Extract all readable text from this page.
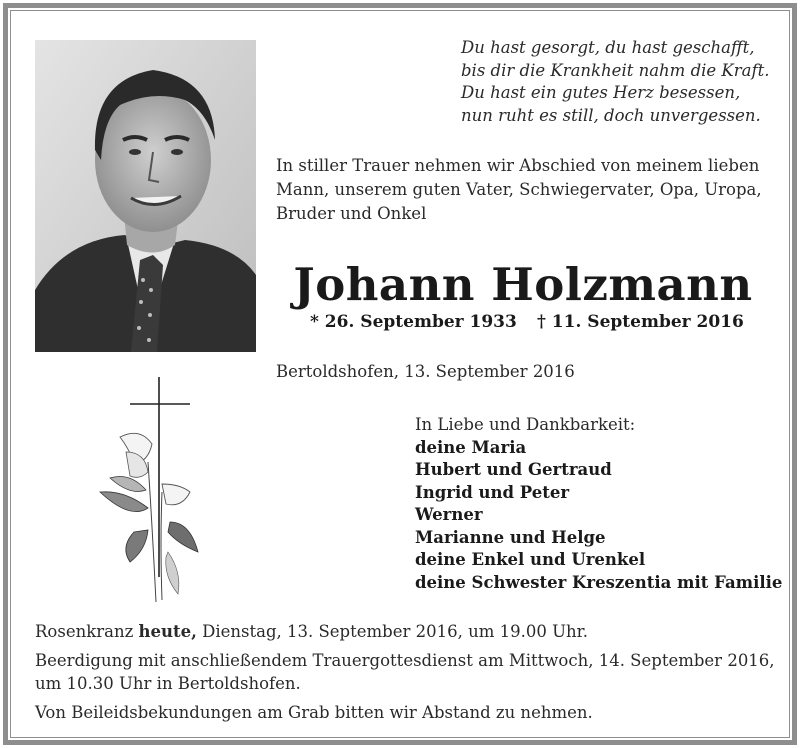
Du hast gesorgt, du hast geschafft,
bis dir die Krankheit nahm die Kraft.
Du hast ein gutes Herz besessen,
nun ruht es still, doch unvergessen.
In stiller Trauer nehmen wir Abschied von meinem lieben
Mann, unserem guten Vater, Schwiegervater, Opa, Uropa,
Bruder und Onkel
Johann Holzmann
* 26. September 1933 † 11. September 2016
Bertoldshofen, 13. September 2016
In Liebe und Dankbarkeit:
deine Maria
Hubert und Gertraud
Ingrid und Peter
Werner
Marianne und Helge
deine Enkel und Urenkel
deine Schwester Kreszentia mit Familie
Rosenkranz heute, Dienstag, 13. September 2016, um 19.00 Uhr.
Beerdigung mit anschließendem Trauergottesdienst am Mittwoch, 14. September 2016,
um 10.30 Uhr in Bertoldshofen.
Von Beileidsbekundungen am Grab bitten wir Abstand zu nehmen.
